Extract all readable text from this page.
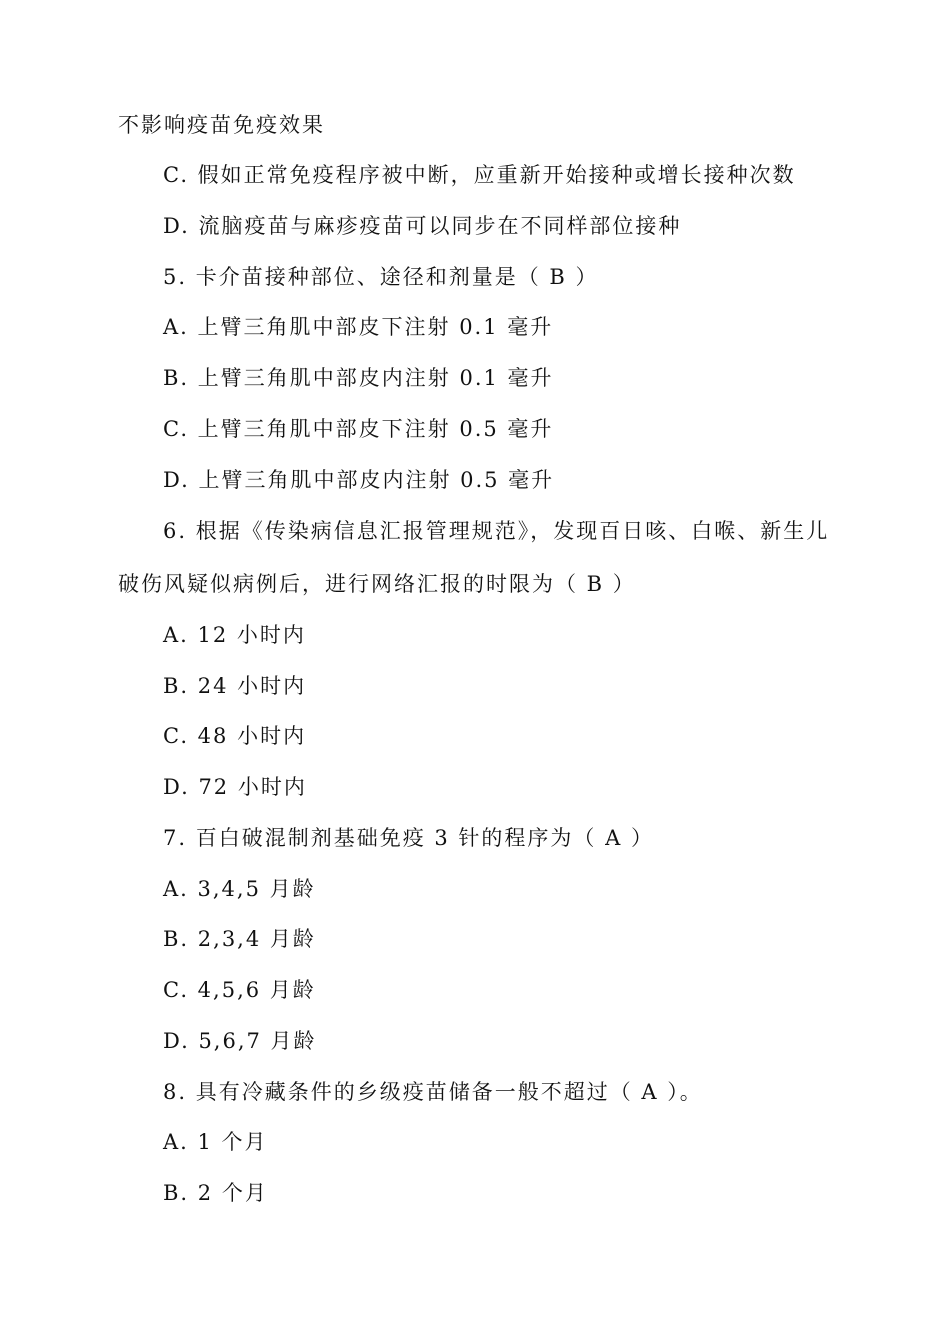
不影响疫苗免疫效果
C. 假如正常免疫程序被中断，应重新开始接种或增长接种次数
D. 流脑疫苗与麻疹疫苗可以同步在不同样部位接种
5. 卡介苗接种部位、途径和剂量是（ B ）
A. 上臂三角肌中部皮下注射 0.1 毫升
B. 上臂三角肌中部皮内注射 0.1 毫升
C. 上臂三角肌中部皮下注射 0.5 毫升
D. 上臂三角肌中部皮内注射 0.5 毫升
6. 根据《传染病信息汇报管理规范》，发现百日咳、白喉、新生儿
破伤风疑似病例后，进行网络汇报的时限为（ B ）
A. 12 小时内
B. 24 小时内
C. 48 小时内
D. 72 小时内
7. 百白破混制剂基础免疫 3 针的程序为（ A ）
A. 3,4,5 月龄
B. 2,3,4 月龄
C. 4,5,6 月龄
D. 5,6,7 月龄
8. 具有冷藏条件的乡级疫苗储备一般不超过（ A ）。
A. 1 个月
B. 2 个月
